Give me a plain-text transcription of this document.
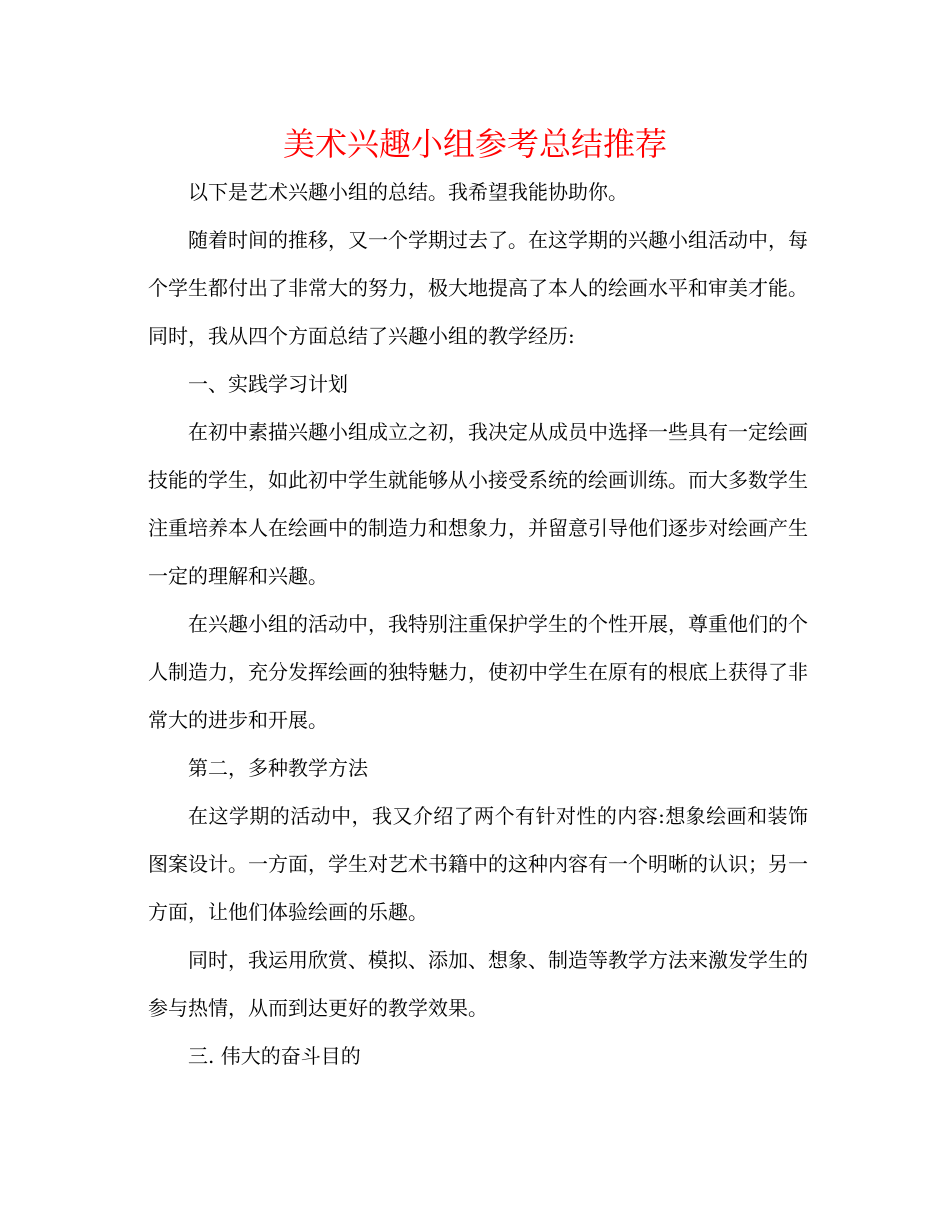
美术兴趣小组参考总结推荐

以下是艺术兴趣小组的总结。我希望我能协助你。

随着时间的推移，又一个学期过去了。在这学期的兴趣小组活动中，每个学生都付出了非常大的努力，极大地提高了本人的绘画水平和审美才能。同时，我从四个方面总结了兴趣小组的教学经历:

一、实践学习计划

在初中素描兴趣小组成立之初，我决定从成员中选择一些具有一定绘画技能的学生，如此初中学生就能够从小接受系统的绘画训练。而大多数学生注重培养本人在绘画中的制造力和想象力，并留意引导他们逐步对绘画产生一定的理解和兴趣。

在兴趣小组的活动中，我特别注重保护学生的个性开展，尊重他们的个人制造力，充分发挥绘画的独特魅力，使初中学生在原有的根底上获得了非常大的进步和开展。

第二，多种教学方法

在这学期的活动中，我又介绍了两个有针对性的内容:想象绘画和装饰图案设计。一方面，学生对艺术书籍中的这种内容有一个明晰的认识；另一方面，让他们体验绘画的乐趣。

同时，我运用欣赏、模拟、添加、想象、制造等教学方法来激发学生的参与热情，从而到达更好的教学效果。

三. 伟大的奋斗目的
